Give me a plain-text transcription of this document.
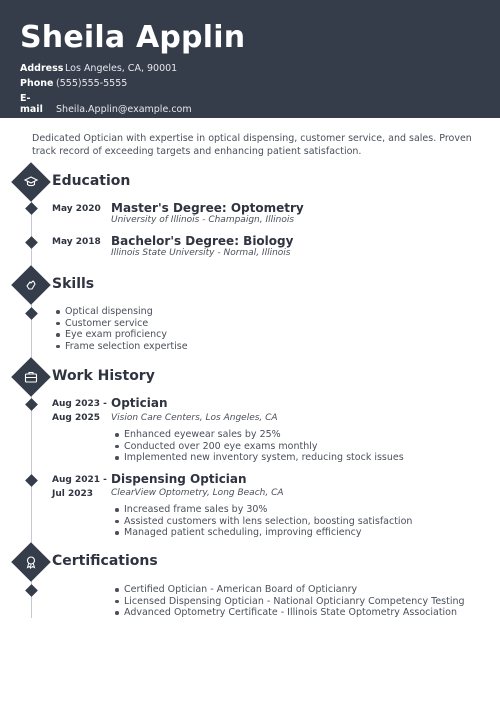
Sheila Applin
Address Los Angeles, CA, 90001
Phone (555)555-5555
E-mail Sheila.Applin@example.com
Dedicated Optician with expertise in optical dispensing, customer service, and sales. Proven track record of exceeding targets and enhancing patient satisfaction.
Education
May 2020 Master's Degree: Optometry
University of Illinois - Champaign, Illinois
May 2018 Bachelor's Degree: Biology
Illinois State University - Normal, Illinois
Skills
Optical dispensing
Customer service
Eye exam proficiency
Frame selection expertise
Work History
Aug 2023 -
Aug 2025
Optician
Vision Care Centers, Los Angeles, CA
Enhanced eyewear sales by 25%
Conducted over 200 eye exams monthly
Implemented new inventory system, reducing stock issues
Aug 2021 -
Jul 2023
Dispensing Optician
ClearView Optometry, Long Beach, CA
Increased frame sales by 30%
Assisted customers with lens selection, boosting satisfaction
Managed patient scheduling, improving efficiency
Certifications
Certified Optician - American Board of Opticianry
Licensed Dispensing Optician - National Opticianry Competency Testing
Advanced Optometry Certificate - Illinois State Optometry Association
